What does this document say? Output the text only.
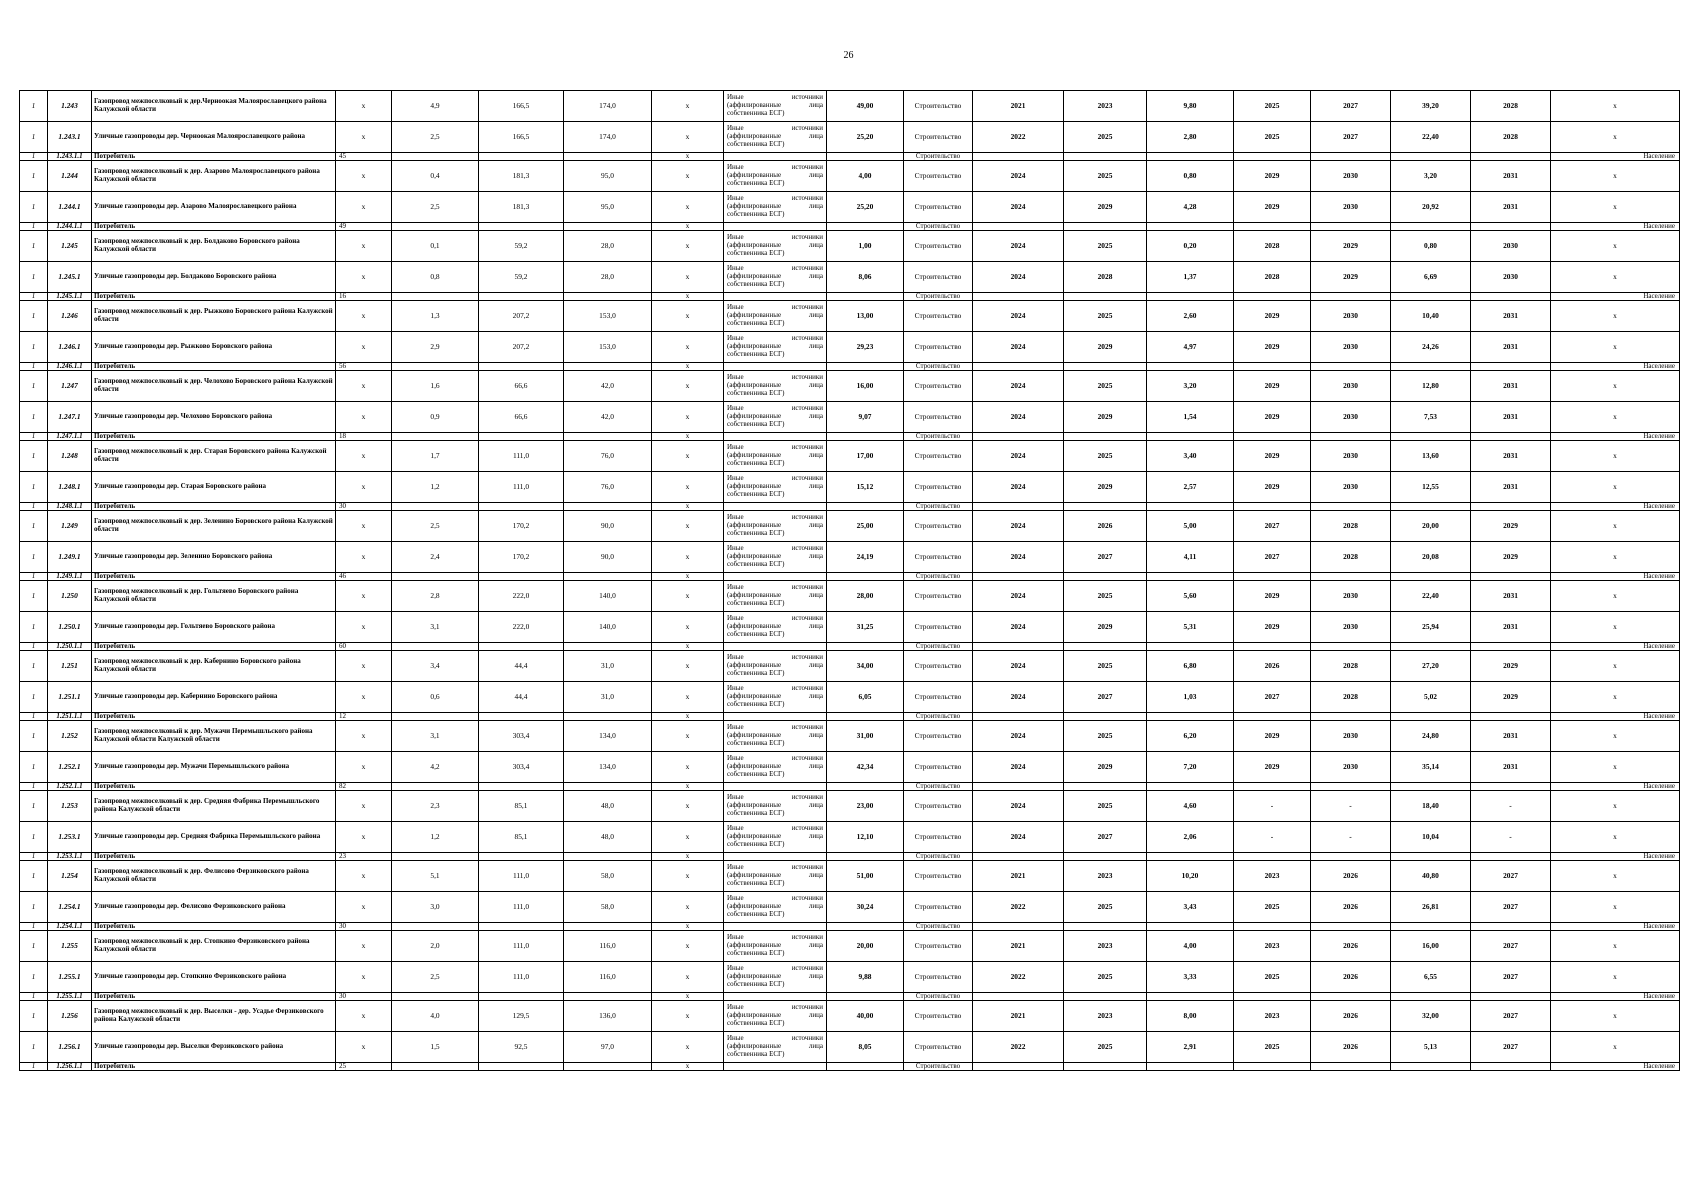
26
1	1.243	Газопровод межпоселковый к дер.Черноокая Малоярославецкого района Калужской области	x	4,9	166,5	174,0	x	Иные источники (аффилированные лица собственника ЕСГ)	49,00	Строительство	2021	2023	9,80	2025	2027	39,20	2028	x
1	1.243.1	Уличные газопроводы дер. Черноокая Малоярославецкого района	x	2,5	166,5	174,0	x	Иные источники (аффилированные лица собственника ЕСГ)	25,20	Строительство	2022	2025	2,80	2025	2027	22,40	2028	x
1	1.243.1.1	Потребитель	45				x			Строительство								Население
1	1.244	Газопровод межпоселковый к дер. Азарово Малоярославецкого района Калужской области	x	0,4	181,3	95,0	x	Иные источники (аффилированные лица собственника ЕСГ)	4,00	Строительство	2024	2025	0,80	2029	2030	3,20	2031	x
1	1.244.1	Уличные газопроводы дер. Азарово Малоярославецкого района	x	2,5	181,3	95,0	x	Иные источники (аффилированные лица собственника ЕСГ)	25,20	Строительство	2024	2029	4,28	2029	2030	20,92	2031	x
1	1.244.1.1	Потребитель	49				x			Строительство								Население
1	1.245	Газопровод межпоселковый к дер. Болдаково Боровского района Калужской области	x	0,1	59,2	28,0	x	Иные источники (аффилированные лица собственника ЕСГ)	1,00	Строительство	2024	2025	0,20	2028	2029	0,80	2030	x
1	1.245.1	Уличные газопроводы дер. Болдаково Боровского района	x	0,8	59,2	28,0	x	Иные источники (аффилированные лица собственника ЕСГ)	8,06	Строительство	2024	2028	1,37	2028	2029	6,69	2030	x
1	1.245.1.1	Потребитель	16				x			Строительство								Население
1	1.246	Газопровод межпоселковый к дер. Рыжково Боровского района Калужской области	x	1,3	207,2	153,0	x	Иные источники (аффилированные лица собственника ЕСГ)	13,00	Строительство	2024	2025	2,60	2029	2030	10,40	2031	x
1	1.246.1	Уличные газопроводы дер. Рыжково Боровского района	x	2,9	207,2	153,0	x	Иные источники (аффилированные лица собственника ЕСГ)	29,23	Строительство	2024	2029	4,97	2029	2030	24,26	2031	x
1	1.246.1.1	Потребитель	56				x			Строительство								Население
1	1.247	Газопровод межпоселковый к дер. Челохово Боровского района Калужской области	x	1,6	66,6	42,0	x	Иные источники (аффилированные лица собственника ЕСГ)	16,00	Строительство	2024	2025	3,20	2029	2030	12,80	2031	x
1	1.247.1	Уличные газопроводы дер. Челохово Боровского района	x	0,9	66,6	42,0	x	Иные источники (аффилированные лица собственника ЕСГ)	9,07	Строительство	2024	2029	1,54	2029	2030	7,53	2031	x
1	1.247.1.1	Потребитель	18				x			Строительство								Население
1	1.248	Газопровод межпоселковый к дер. Старая Боровского района Калужской области	x	1,7	111,0	76,0	x	Иные источники (аффилированные лица собственника ЕСГ)	17,00	Строительство	2024	2025	3,40	2029	2030	13,60	2031	x
1	1.248.1	Уличные газопроводы дер. Старая Боровского района	x	1,2	111,0	76,0	x	Иные источники (аффилированные лица собственника ЕСГ)	15,12	Строительство	2024	2029	2,57	2029	2030	12,55	2031	x
1	1.248.1.1	Потребитель	30				x			Строительство								Население
1	1.249	Газопровод межпоселковый к дер. Зеленино Боровского района Калужской области	x	2,5	170,2	90,0	x	Иные источники (аффилированные лица собственника ЕСГ)	25,00	Строительство	2024	2026	5,00	2027	2028	20,00	2029	x
1	1.249.1	Уличные газопроводы дер. Зеленино Боровского района	x	2,4	170,2	90,0	x	Иные источники (аффилированные лица собственника ЕСГ)	24,19	Строительство	2024	2027	4,11	2027	2028	20,08	2029	x
1	1.249.1.1	Потребитель	46				x			Строительство								Население
1	1.250	Газопровод межпоселковый к дер. Гольтяево Боровского района Калужской области	x	2,8	222,0	140,0	x	Иные источники (аффилированные лица собственника ЕСГ)	28,00	Строительство	2024	2025	5,60	2029	2030	22,40	2031	x
1	1.250.1	Уличные газопроводы дер. Гольтяево Боровского района	x	3,1	222,0	140,0	x	Иные источники (аффилированные лица собственника ЕСГ)	31,25	Строительство	2024	2029	5,31	2029	2030	25,94	2031	x
1	1.250.1.1	Потребитель	60				x			Строительство								Население
1	1.251	Газопровод межпоселковый к дер. Кабернино Боровского района Калужской области	x	3,4	44,4	31,0	x	Иные источники (аффилированные лица собственника ЕСГ)	34,00	Строительство	2024	2025	6,80	2026	2028	27,20	2029	x
1	1.251.1	Уличные газопроводы дер. Кабернино Боровского района	x	0,6	44,4	31,0	x	Иные источники (аффилированные лица собственника ЕСГ)	6,05	Строительство	2024	2027	1,03	2027	2028	5,02	2029	x
1	1.251.1.1	Потребитель	12				x			Строительство								Население
1	1.252	Газопровод межпоселковый к дер. Мужачи Перемышльского района Калужской области Калужской области	x	3,1	303,4	134,0	x	Иные источники (аффилированные лица собственника ЕСГ)	31,00	Строительство	2024	2025	6,20	2029	2030	24,80	2031	x
1	1.252.1	Уличные газопроводы дер. Мужачи Перемышльского района	x	4,2	303,4	134,0	x	Иные источники (аффилированные лица собственника ЕСГ)	42,34	Строительство	2024	2029	7,20	2029	2030	35,14	2031	x
1	1.252.1.1	Потребитель	82				x			Строительство								Население
1	1.253	Газопровод межпоселковый к дер. Средняя Фабрика Перемышльского района Калужской области	x	2,3	85,1	48,0	x	Иные источники (аффилированные лица собственника ЕСГ)	23,00	Строительство	2024	2025	4,60	-	-	18,40	-	x
1	1.253.1	Уличные газопроводы дер. Средняя Фабрика Перемышльского района	x	1,2	85,1	48,0	x	Иные источники (аффилированные лица собственника ЕСГ)	12,10	Строительство	2024	2027	2,06	-	-	10,04	-	x
1	1.253.1.1	Потребитель	23				x			Строительство								Население
1	1.254	Газопровод межпоселковый к дер. Фелисово Ферзиковского района Калужской области	x	5,1	111,0	58,0	x	Иные источники (аффилированные лица собственника ЕСГ)	51,00	Строительство	2021	2023	10,20	2023	2026	40,80	2027	x
1	1.254.1	Уличные газопроводы дер. Фелисово Ферзиковского района	x	3,0	111,0	58,0	x	Иные источники (аффилированные лица собственника ЕСГ)	30,24	Строительство	2022	2025	3,43	2025	2026	26,81	2027	x
1	1.254.1.1	Потребитель	30				x			Строительство								Население
1	1.255	Газопровод межпоселковый к дер. Стопкино Ферзиковского района Калужской области	x	2,0	111,0	116,0	x	Иные источники (аффилированные лица собственника ЕСГ)	20,00	Строительство	2021	2023	4,00	2023	2026	16,00	2027	x
1	1.255.1	Уличные газопроводы дер. Стопкино Ферзиковского района	x	2,5	111,0	116,0	x	Иные источники (аффилированные лица собственника ЕСГ)	9,88	Строительство	2022	2025	3,33	2025	2026	6,55	2027	x
1	1.255.1.1	Потребитель	30				x			Строительство								Население
1	1.256	Газопровод межпоселковый к дер. Выселки - дер. Усадье Ферзиковского района Калужской области	x	4,0	129,5	136,0	x	Иные источники (аффилированные лица собственника ЕСГ)	40,00	Строительство	2021	2023	8,00	2023	2026	32,00	2027	x
1	1.256.1	Уличные газопроводы дер. Выселки Ферзиковского района	x	1,5	92,5	97,0	x	Иные источники (аффилированные лица собственника ЕСГ)	8,05	Строительство	2022	2025	2,91	2025	2026	5,13	2027	x
1	1.256.1.1	Потребитель	25				x			Строительство								Население
